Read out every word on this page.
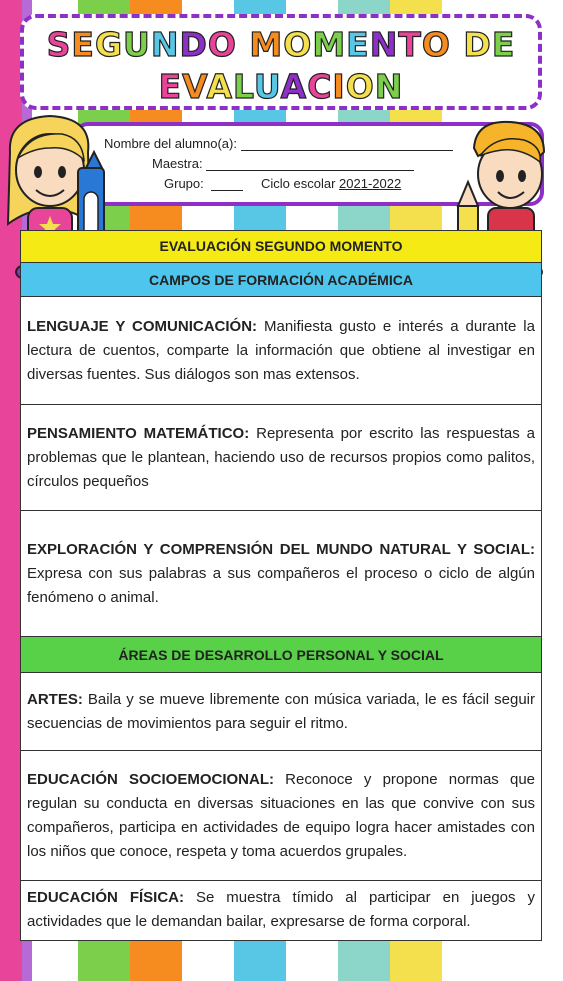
SEGUNDO MOMENTO DE
EVALUACION
Nombre del alumno(a):
Maestra:
Grupo:	Ciclo escolar 2021-2022
EVALUACIÓN SEGUNDO MOMENTO
CAMPOS DE FORMACIÓN ACADÉMICA

LENGUAJE Y COMUNICACIÓN: Manifiesta gusto e interés a durante la lectura de cuentos, comparte la información que obtiene al investigar en diversas fuentes. Sus diálogos son mas extensos.

PENSAMIENTO MATEMÁTICO: Representa por escrito las respuestas a problemas que le plantean, haciendo uso de recursos propios como palitos, círculos pequeños

EXPLORACIÓN Y COMPRENSIÓN DEL MUNDO NATURAL Y SOCIAL: Expresa con sus palabras a sus compañeros el proceso o ciclo de algún fenómeno o animal.

ÁREAS DE DESARROLLO PERSONAL Y SOCIAL

ARTES: Baila y se mueve libremente con música variada, le es fácil seguir secuencias de movimientos para seguir el ritmo.

EDUCACIÓN SOCIOEMOCIONAL: Reconoce y propone normas que regulan su conducta en diversas situaciones en las que convive con sus compañeros, participa en actividades de equipo logra hacer amistades con los niños que conoce, respeta y toma acuerdos grupales.

EDUCACIÓN FÍSICA: Se muestra tímido al participar en juegos y actividades que le demandan bailar, expresarse de forma corporal.
